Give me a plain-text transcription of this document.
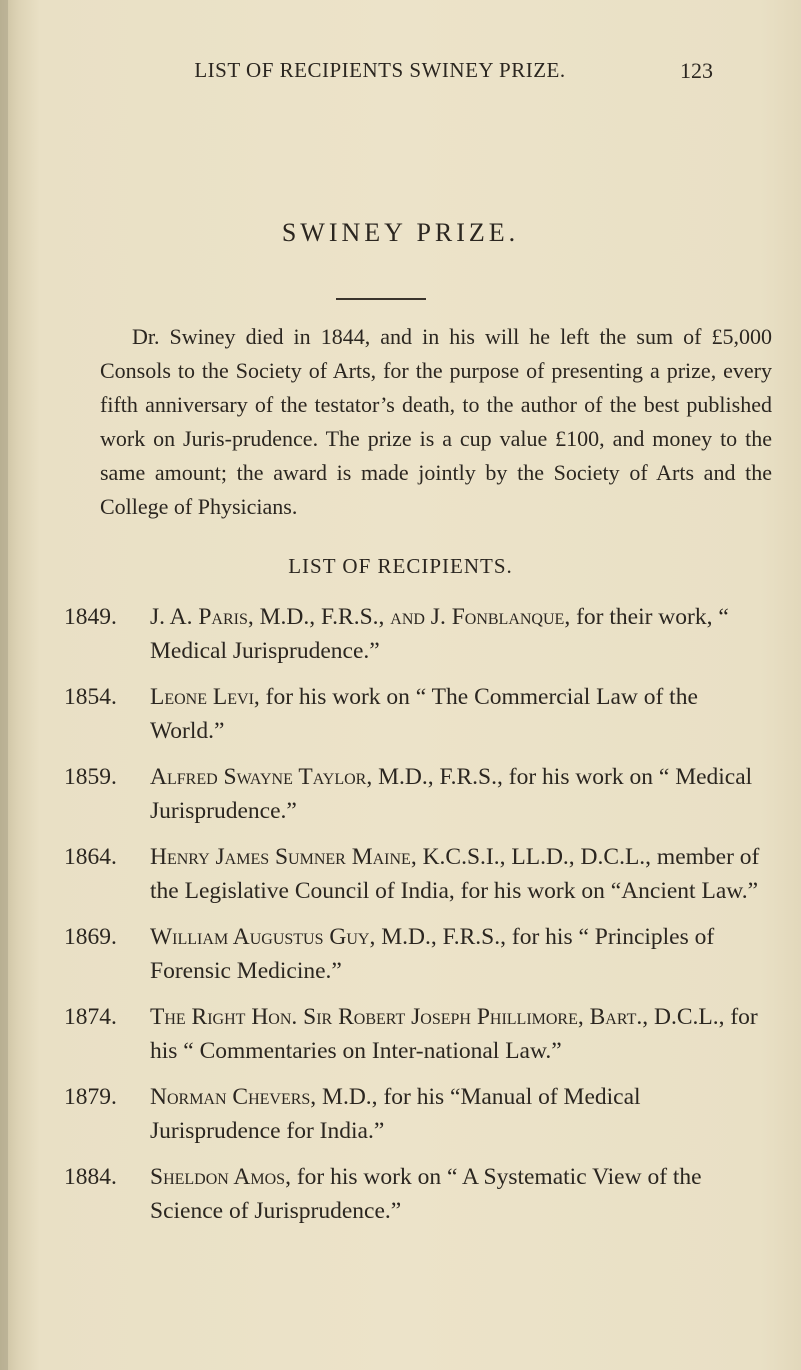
LIST OF RECIPIENTS SWINEY PRIZE.	123
SWINEY PRIZE.

Dr. Swiney died in 1844, and in his will he left the sum of £5,000 Consols to the Society of Arts, for the purpose of presenting a prize, every fifth anniversary of the testator’s death, to the author of the best published work on Juris-prudence. The prize is a cup value £100, and money to the same amount; the award is made jointly by the Society of Arts and the College of Physicians.

LIST OF RECIPIENTS.
1849. J. A. Paris, M.D., F.R.S., and J. Fonblanque, for their work, “ Medical Jurisprudence.”
1854. Leone Levi, for his work on “ The Commercial Law of the World.”
1859. Alfred Swayne Taylor, M.D., F.R.S., for his work on “ Medical Jurisprudence.”
1864. Henry James Sumner Maine, K.C.S.I., LL.D., D.C.L., member of the Legislative Council of India, for his work on “Ancient Law.”
1869. William Augustus Guy, M.D., F.R.S., for his “ Principles of Forensic Medicine.”
1874. The Right Hon. Sir Robert Joseph Phillimore, Bart., D.C.L., for his “ Commentaries on Inter-national Law.”
1879. Norman Chevers, M.D., for his “Manual of Medical Jurisprudence for India.”
1884. Sheldon Amos, for his work on “ A Systematic View of the Science of Jurisprudence.”
